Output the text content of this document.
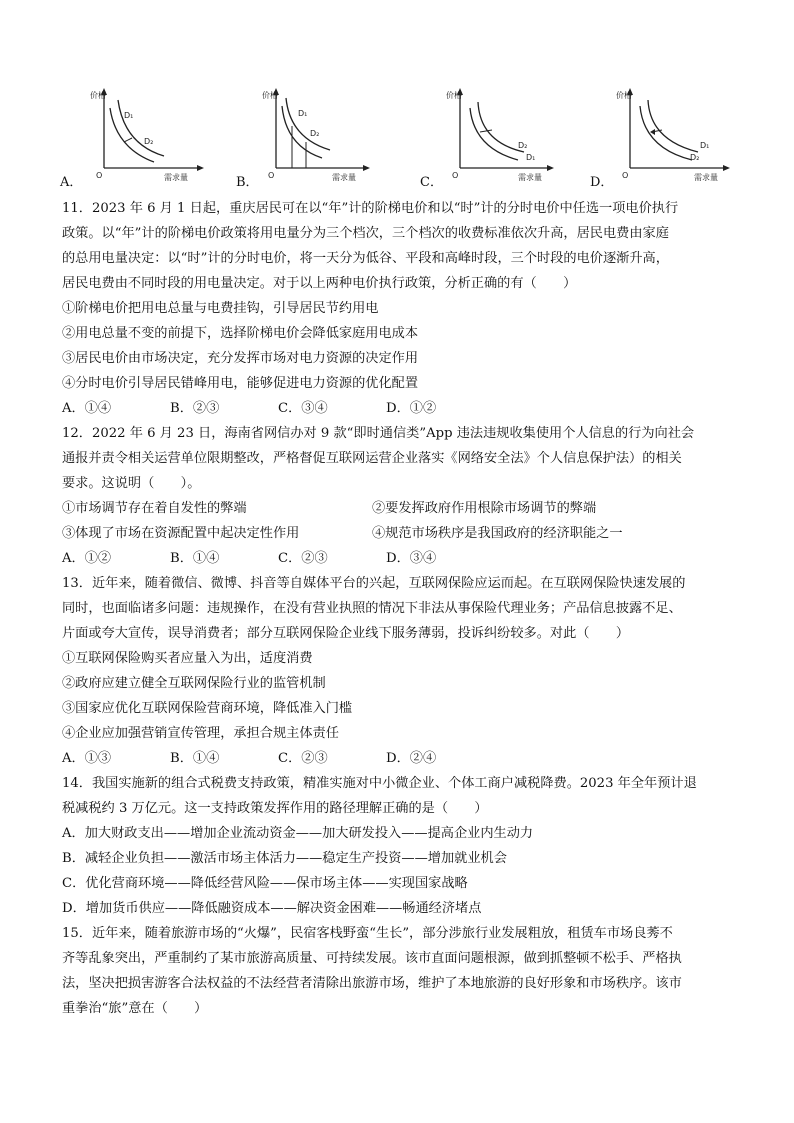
价格
需求量
O
D₁
D₂
A．
价格
需求量
O
D₁
D₂
B．
价格
需求量
O
D₂
D₁
C．
价格
需求量
O
D₂
D₁
D．

11．2023 年 6 月 1 日起，重庆居民可在以“年”计的阶梯电价和以“时”计的分时电价中任选一项电价执行

政策。以“年”计的阶梯电价政策将用电量分为三个档次，三个档次的收费标准依次升高，居民电费由家庭

的总用电量决定：以“时”计的分时电价，将一天分为低谷、平段和高峰时段，三个时段的电价逐渐升高，

居民电费由不同时段的用电量决定。对于以上两种电价执行政策，分析正确的有（　　）

①阶梯电价把用电总量与电费挂钩，引导居民节约用电

②用电总量不变的前提下，选择阶梯电价会降低家庭用电成本

③居民电价由市场决定，充分发挥市场对电力资源的决定作用

④分时电价引导居民错峰用电，能够促进电力资源的优化配置

A．①④	B．②③	C．③④	D．①②

12．2022 年 6 月 23 日，海南省网信办对 9 款“即时通信类”App 违法违规收集使用个人信息的行为向社会

通报并责令相关运营单位限期整改，严格督促互联网运营企业落实《网络安全法》个人信息保护法）的相关

要求。这说明（　　）。

①市场调节存在着自发性的弊端	②要发挥政府作用根除市场调节的弊端
③体现了市场在资源配置中起决定性作用	④规范市场秩序是我国政府的经济职能之一
A．①②	B．①④	C．②③	D．③④

13．近年来，随着微信、微博、抖音等自媒体平台的兴起，互联网保险应运而起。在互联网保险快速发展的

同时，也面临诸多问题：违规操作，在没有营业执照的情况下非法从事保险代理业务；产品信息披露不足、

片面或夸大宣传，误导消费者；部分互联网保险企业线下服务薄弱，投诉纠纷较多。对此（　　）

①互联网保险购买者应量入为出，适度消费

②政府应建立健全互联网保险行业的监管机制

③国家应优化互联网保险营商环境，降低准入门槛

④企业应加强营销宣传管理，承担合规主体责任

A．①③	B．①④	C．②③	D．②④

14．我国实施新的组合式税费支持政策，精准实施对中小微企业、个体工商户减税降费。2023 年全年预计退

税减税约 3 万亿元。这一支持政策发挥作用的路径理解正确的是（　　）

A．加大财政支出——增加企业流动资金——加大研发投入——提高企业内生动力

B．减轻企业负担——激活市场主体活力——稳定生产投资——增加就业机会

C．优化营商环境——降低经营风险——保市场主体——实现国家战略

D．增加货币供应——降低融资成本——解决资金困难——畅通经济堵点

15．近年来，随着旅游市场的“火爆”，民宿客栈野蛮“生长”，部分涉旅行业发展粗放，租赁车市场良莠不

齐等乱象突出，严重制约了某市旅游高质量、可持续发展。该市直面问题根源，做到抓整顿不松手、严格执

法，坚决把损害游客合法权益的不法经营者清除出旅游市场，维护了本地旅游的良好形象和市场秩序。该市

重拳治“旅”意在（　　）
